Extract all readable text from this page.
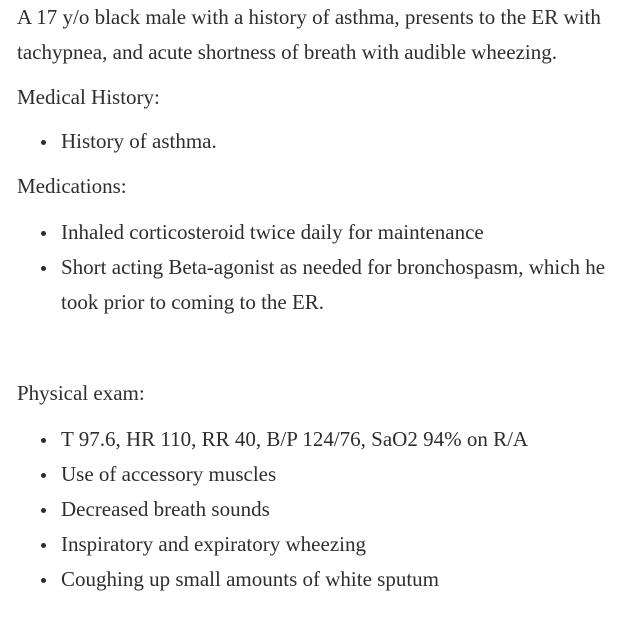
A 17 y/o black male with a history of asthma, presents to the ER with tachypnea, and acute shortness of breath with audible wheezing.

Medical History:

History of asthma.

Medications:

Inhaled corticosteroid twice daily for maintenance
Short acting Beta-agonist as needed for bronchospasm, which he took prior to coming to the ER.

Physical exam:

T 97.6, HR 110, RR 40, B/P 124/76, SaO2 94% on R/A
Use of accessory muscles
Decreased breath sounds
Inspiratory and expiratory wheezing
Coughing up small amounts of white sputum
